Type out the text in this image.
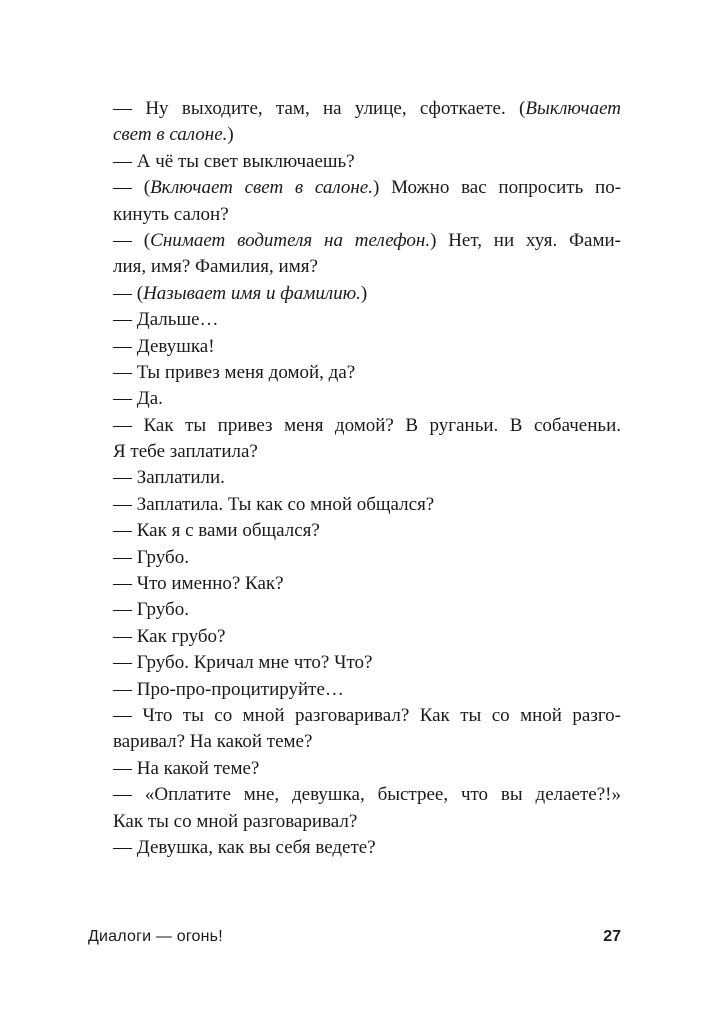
— Ну выходите, там, на улице, сфоткаете. (Выключает
свет в салоне.)
— А чё ты свет выключаешь?
— (Включает свет в салоне.) Можно вас попросить по-
кинуть салон?
— (Снимает водителя на телефон.) Нет, ни хуя. Фами-
лия, имя? Фамилия, имя?
— (Называет имя и фамилию.)
— Дальше…
— Девушка!
— Ты привез меня домой, да?
— Да.
— Как ты привез меня домой? В руганьи. В собаченьи.
Я тебе заплатила?
— Заплатили.
— Заплатила. Ты как со мной общался?
— Как я с вами общался?
— Грубо.
— Что именно? Как?
— Грубо.
— Как грубо?
— Грубо. Кричал мне что? Что?
— Про-про-процитируйте…
— Что ты со мной разговаривал? Как ты со мной разго-
варивал? На какой теме?
— На какой теме?
— «Оплатите мне, девушка, быстрее, что вы делаете?!»
Как ты со мной разговаривал?
— Девушка, как вы себя ведете?
Диалоги — огонь!	27
